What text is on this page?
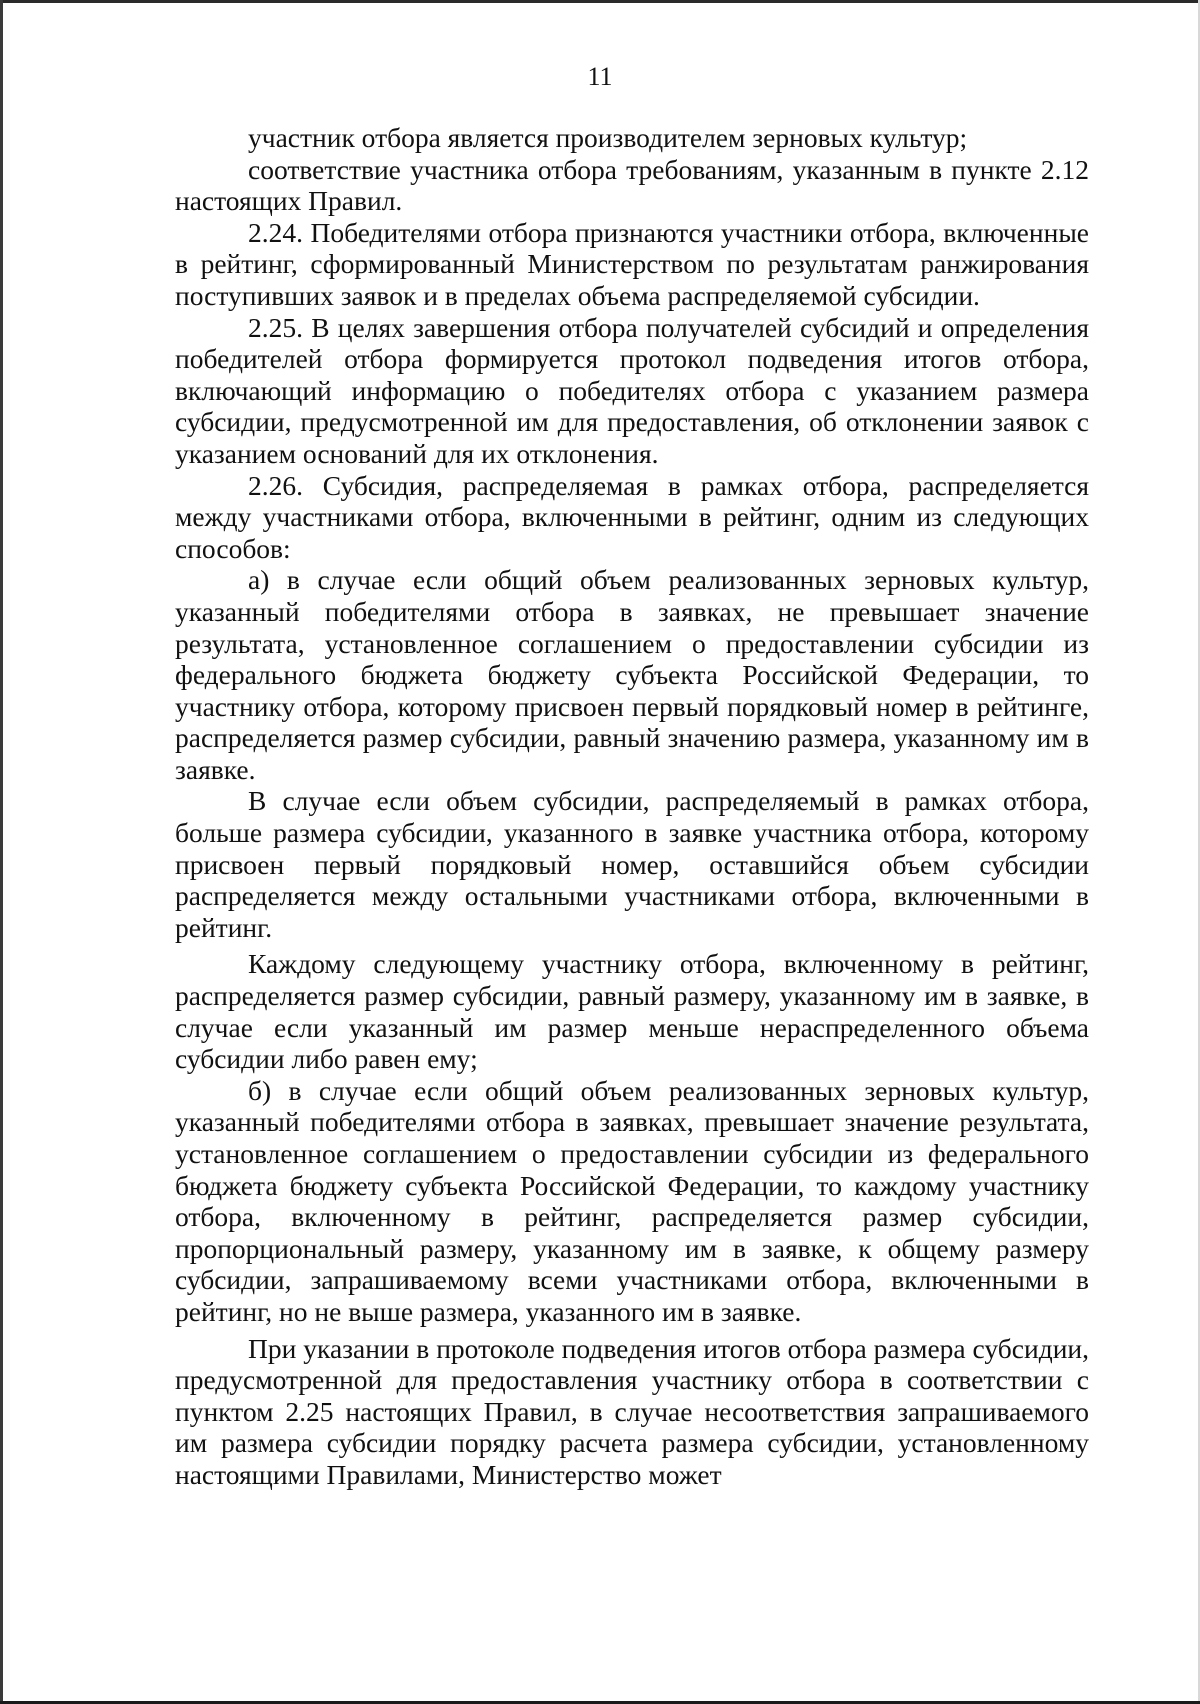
11

участник отбора является производителем зерновых культур;

соответствие участника отбора требованиям, указанным в пункте 2.12 настоящих Правил.

2.24. Победителями отбора признаются участники отбора, включенные в рейтинг, сформированный Министерством по результатам ранжирования поступивших заявок и в пределах объема распределяемой субсидии.

2.25. В целях завершения отбора получателей субсидий и определения победителей отбора формируется протокол подведения итогов отбора, включающий информацию о победителях отбора с указанием размера субсидии, предусмотренной им для предоставления, об отклонении заявок с указанием оснований для их отклонения.

2.26. Субсидия, распределяемая в рамках отбора, распределяется между участниками отбора, включенными в рейтинг, одним из следующих способов:

а) в случае если общий объем реализованных зерновых культур, указанный победителями отбора в заявках, не превышает значение результата, установленное соглашением о предоставлении субсидии из федерального бюджета бюджету субъекта Российской Федерации, то участнику отбора, которому присвоен первый порядковый номер в рейтинге, распределяется размер субсидии, равный значению размера, указанному им в заявке.

В случае если объем субсидии, распределяемый в рамках отбора, больше размера субсидии, указанного в заявке участника отбора, которому присвоен первый порядковый номер, оставшийся объем субсидии распределяется между остальными участниками отбора, включенными в рейтинг.

Каждому следующему участнику отбора, включенному в рейтинг, распределяется размер субсидии, равный размеру, указанному им в заявке, в случае если указанный им размер меньше нераспределенного объема субсидии либо равен ему;

б) в случае если общий объем реализованных зерновых культур, указанный победителями отбора в заявках, превышает значение результата, установленное соглашением о предоставлении субсидии из федерального бюджета бюджету субъекта Российской Федерации, то каждому участнику отбора, включенному в рейтинг, распределяется размер субсидии, пропорциональный размеру, указанному им в заявке, к общему размеру субсидии, запрашиваемому всеми участниками отбора, включенными в рейтинг, но не выше размера, указанного им в заявке.

При указании в протоколе подведения итогов отбора размера субсидии, предусмотренной для предоставления участнику отбора в соответствии с пунктом 2.25 настоящих Правил, в случае несоответствия запрашиваемого им размера субсидии порядку расчета размера субсидии, установленному настоящими Правилами, Министерство может
